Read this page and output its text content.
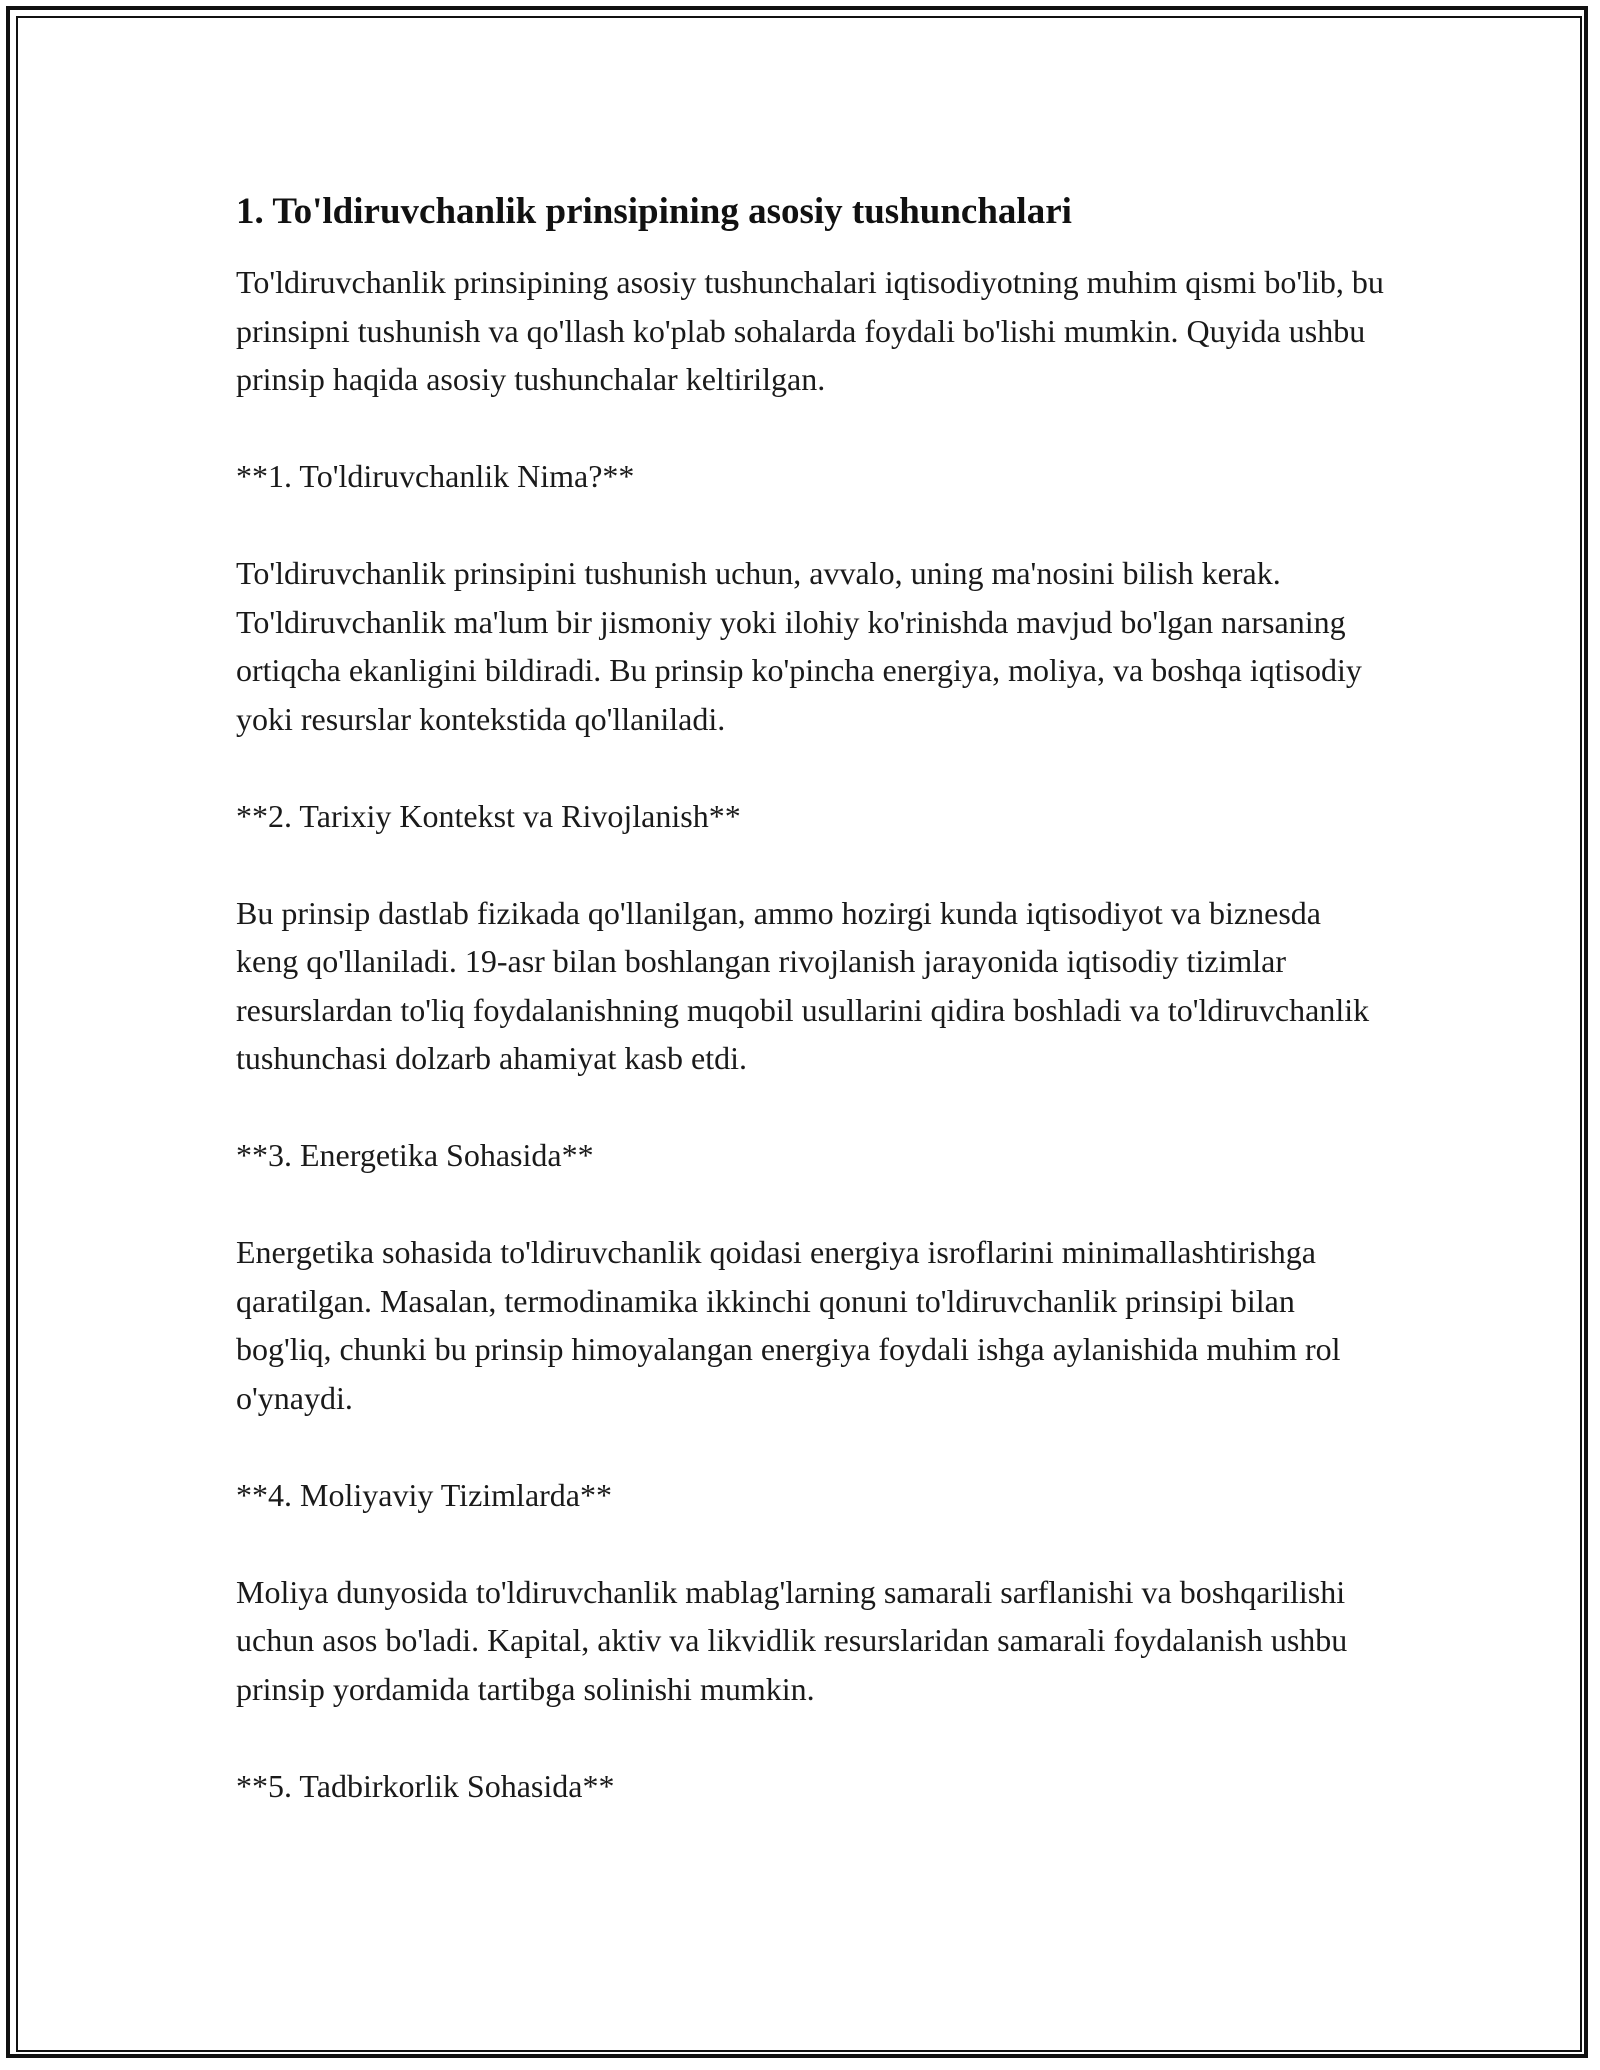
1. To'ldiruvchanlik prinsipining asosiy tushunchalari

To'ldiruvchanlik prinsipining asosiy tushunchalari iqtisodiyotning muhim qismi bo'lib, bu prinsipni tushunish va qo'llash ko'plab sohalarda foydali bo'lishi mumkin. Quyida ushbu prinsip haqida asosiy tushunchalar keltirilgan.

**1. To'ldiruvchanlik Nima?**

To'ldiruvchanlik prinsipini tushunish uchun, avvalo, uning ma'nosini bilish kerak. To'ldiruvchanlik ma'lum bir jismoniy yoki ilohiy ko'rinishda mavjud bo'lgan narsaning ortiqcha ekanligini bildiradi. Bu prinsip ko'pincha energiya, moliya, va boshqa iqtisodiy yoki resurslar kontekstida qo'llaniladi.

**2. Tarixiy Kontekst va Rivojlanish**

Bu prinsip dastlab fizikada qo'llanilgan, ammo hozirgi kunda iqtisodiyot va biznesda keng qo'llaniladi. 19-asr bilan boshlangan rivojlanish jarayonida iqtisodiy tizimlar resurslardan to'liq foydalanishning muqobil usullarini qidira boshladi va to'ldiruvchanlik tushunchasi dolzarb ahamiyat kasb etdi.

**3. Energetika Sohasida**

Energetika sohasida to'ldiruvchanlik qoidasi energiya isroflarini minimallashtirishga qaratilgan. Masalan, termodinamika ikkinchi qonuni to'ldiruvchanlik prinsipi bilan bog'liq, chunki bu prinsip himoyalangan energiya foydali ishga aylanishida muhim rol o'ynaydi.

**4. Moliyaviy Tizimlarda**

Moliya dunyosida to'ldiruvchanlik mablag'larning samarali sarflanishi va boshqarilishi uchun asos bo'ladi. Kapital, aktiv va likvidlik resurslaridan samarali foydalanish ushbu prinsip yordamida tartibga solinishi mumkin.

**5. Tadbirkorlik Sohasida**
